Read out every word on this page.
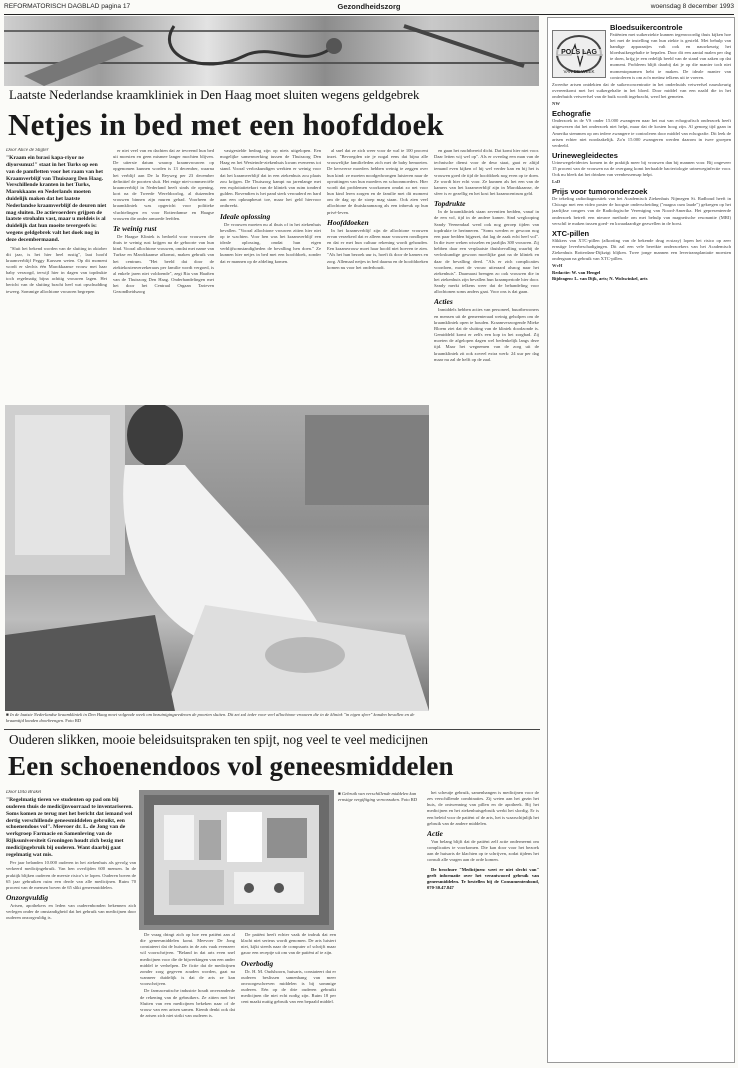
REFORMATORISCH DAGBLAD pagina 17	Gezondheidszorg	woensdag 8 december 1993
POLS LAG
VAN DE WEEK
Bloedsuikercontrole

Patiënten met suikerziekte kunnen tegenwoordig thuis kijken hoe het met de instelling van hun ziekte is gesteld. Met behulp van handige apparaatjes valt ook en nauwkeurig het bloedsuikergehalte te bepalen. Door dit een aantal malen per dag te doen, krijg je een redelijk beeld van de stand van zaken op dat moment. Probleem blijft daarbij dat je op die manier toch niet momentopnamen hebt te maken. De ideale manier van controleren is om zo'n meting telkens uit te voeren.

Zweedse artsen ontdekten dat de suikerconcentratie in het onderhuids vetweefsel nauwkeurig overeenkomt met het suikergehalte in het bloed. Door middel van een naald die in het onderhuids vetweefsel van de buik wordt ingebracht, werd het gemeten.

NW

Echografie

Onderzoek in de VS onder 15.000 zwangeren naar het nut van echografisch onderzoek heeft uitgewezen dat het onderzoek niet helpt, maar dat de kosten hoog zijn. Al genoeg tijd gaan in Amerika stemmen op om iedere zwangere te controleren door middel van echografie. Dit leek de artsen echter niet noodzakelijk. Zo'n 15.000 zwangeren werden daarom in twee groepen verdeeld.

Urinewegleidectes

Urinewegeleidectes komen in de praktijk meer bij vrouwen dan bij mannen voor. Bij ongeveer 15 procent van de vrouwen na de overgang komt herhaalde bacteriologie urineweginfectie voor. Ook nu bleek dat het drinken van veenbessensap helpt.

LsD

Prijs voor tumoronderzoek

De tekeling radiodiagnostiek van het Academisch Ziekenhuis Nijmegen St. Radboud heeft in Chicago met een video poster de hoogste onderscheiding ("magna cum laude") gekregen op het jaarlijkse congres van de Radiologische Vereniging van Noord-Amerika. Het gepresenteerde onderzoek betreft een nieuwe methode om met behulp van magnetische resonantie (MRI) verschil te maken tussen goed- en kwaadaardige gezwellen in de borst.

XTC-pillen

Slikkers van XTC-pillen (afkorting van de bekende drug ecstasy) lopen het risico op zeer ernstige leverbeschadigingen. Dit zal een vele bereikte onderzoekers van het Academisch Ziekenhuis Rotterdam-Dijkzigt blijken. Twee jonge mannen een levertransplantatie moesten ondergaan na gebruik van XTC-pillen.

WvH

Redactie: W. van Hengel
Bijdragen: L. van Dijk, arts; N. Wolswinkel, arts

Laatste Nederlandse kraamkliniek in Den Haag moet sluiten wegens geldgebrek
Netjes in bed met een hoofddoek

Door Alice de Stigter

"Kraam ein bırasi kapa-riyor ne diyorsunuz!" staat in het Turks op een van de pamfletten voor het raam van het Kraamverblijf van Thuiszorg Den Haag. Verschillende kranten in het Turks, Marokkaans en Nederlands moeten duidelijk maken dat het laatste Nederlandse kraamverblijf de deuren niet mag sluiten. De actievoerders grijpen de laatste strohalm vast, maar u meldeis is al duidelijk dat hun moeite tevergeefs is: wegens geldgebrek valt het doek nog in deze decembermaand.

"Sluit het bekend worden van de sluiting in oktober dit jaar, is het hier heel rustig", laat hoofd kraamverblijf Peggy Karssen weten. Op dit moment wordt er slechts één Marokkaanse vrouw met haar baby verzorgd, terwijl hier in dagen van topdrukte toch regelmatig bijna achttig vrouwen lagen. Het bericht van de sluiting bracht heel wat opschudding teweeg. Sommige allochtone vrouwen begrepen

er niet veel van en dachten dat ze tevreend hun bed uit moesten en geen mismee langer mochten blijven. De uiterste datum waarop kraamvrouwen op opgenomen kunnen worden is 13 december, waarna het verblijf aan De la Reyweg per 23 december definitief de poorten sluit. Het enige niet-commerciële kraamverblijf in Nederland heeft sinds de opening, kort na de Tweede Wereldoorlog, al duizenden vrouwen binnen zijn muren gehad. Voorheen de kraamkliniek was opgericht voor politieke vluchtelingen en voor Rotterdamse en Haagse vrouwen die onder armoede leefden.

Te weinig rust

De Haagse Kliniek is bedoeld voor vrouwen die thuis te weinig rust krijgen na de geboorte van hun kind. Vooral allochtone vrouwen, omdat met name van Turkse en Marokkaanse afkomst, maken gebruik van het centrum. "Het beeld dat door de ziektekostenverzekeraars per familie wordt vergoed, is al enkele jaren niet voldoende", zegt Ria van Haaften van de Thuiszorg Den Haag. Onderhandelingen met het door het Centraal Orgaan Tarieven Gezondheidszorg

vastgestelde bedrag zijn op niets uitgelopen. Een mogelijke samenwerking tussen de Thuiszorg Den Haag en het Westeinde-ziekenhuis kwam eveneens tot stand. Vooral verloskundigen werkten er weinig voor dat het kraamverblijf dat in een ziekenhuis zou plaats zou krijgen. De Thuiszorg kampt na jarenlange met een exploitatietekort van de kliniek van ruim tonderd gulden. Bovendien is het pand sterk verouderd en hard aan een opknapbeurt toe, maar het geld hiervoor ontbreekt.

Ideale oplossing

De vrouwen moeten nu al thuis of in het ziekenhuis bevallen. "Vooral allochtone vrouwen zitten hier niet op te wachten. Voor hen was het kraamverblijf een ideale oplossing, omdat hun eigen verblijfsomstandigheden de bevalling hen doen." Ze kunnen hier netjes in bed met een hoofddoek, zonder dat er mannen op de afdeling komen.

al snel dat ze zich weer voor de wal te 100 procent inzet. "Bevoegden zie je nogal eens dat bijna alle vrouwelijke familieleden zich met de baby bemoeien. De kersverse moeders hebben weinig te zeggen over hun kind: ze moeten noodgedwongen luisteren naar de opvattingen van hun moeders en schoonmoeders. Hier wordt dat problemen voorkomen omdat zo net voor hun kind leren zorgen en de familie met dit moment om de dag op de stoep mag staan. Ook zien veel allochtone de thuiskraamzorg als een inbreuk op hun privé-leven.

Hoofddoeken

In het kraamverblijf zijn de allochtone vrouwen ervan verzekerd dat er alleen maar vrouwen rondlopen en dat er met hun cultuur rekening wordt gehouden. Een kraamvrouw moet haar hoofd niet hoeven te zien. "Als het hun bezoek uur is, hoeft ik door de kamers en zorg. Allemaal netjes in bed daarna en de hoofddoeken komen nu voor het onderhoudt.

en gaan het nachtbereid dicht. Dat komt hier niet voor. Daar letten wij wel op". Als er overdag een man van de technische dienst voor de deur staat, gaat er altijd iemand even kijken of hij wel verder kan en bij het is vrouwen goed de tijd de hoofddoek nog even op te doen. Ze wordt hier echt voor. Ze kunnen als het een van de kamers van het kraamverblijf zijn in Marokkaanse, de sfeer is er gezellig en het kost het kraamcentrum geld.

Topdrukte

In de kraamkliniek staan zeventien bedden, vanaf in de een vol, tijd in de andere kamer. Sind weglooping Sandy Veenendaal werd ook nog geroep tijden van topdrukte te herinneren. "Soms werden er gewoon nog een paar bedden bijgezet, dat lag de zaak echt heel vol". In die twee weken wisselen en jaarlijks 300 vrouwen. Zij hebben daar een verplaatste thuisbevalling waarbij de verloskundige gewoon moeilijke gaat na de kliniek en daar de bevalling deed. "Als er zich complicaties voordoen, moet de vrouw uiteraard alsnog naar het ziekenhuis". Daarnaast brengen zo ook vrouwen die in het ziekenhuis zijn bevallen hun kraamperiode hier door. Sandy merkt telkens weer dat de behandeling voor allochtonen soms anders gaat. Voor ons is dat gaan.

Acties

Inmiddels hebben acties van personeel, buurtbewoners en mensen uit de gemeenteraad weinig geholpen om de kraamkliniek open te houden. Kraamverzorgende Mieke Bloem ziet dat de sluiting van de kliniek doodzonde is. Gemiddeld komt er zelfs een kop in het zorgbad. Zij moeten de afgelopen dagen wel bedenkelijk langs deze tijd. Maar het wegnemen van de zorg uit de kraamkliniek zit ook zoveel extra werk: 24 uur per dag maar nu zal de helft op de zaal.

■ In de laatste Nederlandse kraamkliniek in Den Haag moet volgende week om bezuinigingsredenen de poorten sluiten. Dit zet zal ieder voor veel allochtone vrouwen die in de kliniek "in eigen sfeer" konden bevallen en de kraamtijd konden doorbrengen. Foto RD
Ouderen slikken, mooie beleidsuitspraken ten spijt, nog veel te veel medicijnen
Een schoenendoos vol geneesmiddelen

Door Dita Brakel

"Regelmatig tieren we studenten op pad om bij ouderen thuis de medicijnvoorraad te inventariseren. Soms komen ze terug met het bericht dat iemand wel dertig verschillende geneesmiddelen gebruikt, een schoenendoos vol". Meevoer dr. L. de Jong van de werkgroep Farmacie en Samenleving van de Rijksuniversiteit Groningen houdt zich bezig met medicijngebruik bij ouderen. Want daarbij gaat regelmatig wat mis.

Per jaar belanden 10.000 ouderen in het ziekenhuis als gevolg van verkeerd medicijngebruik. Van hen overlijden 600 mensen. In de praktijk blijken ouderen de meeste risico's te lopen. Ouderen boven de 65 jaar gebruiken ruim een derde van alle medicijnen. Ruim 70 procent van de mensen boven de 65 slikt geneesmiddelen.

Onzorgvuldig

Artsen, apothekers en leden van ouderenbonden bekennen zich verlegen onder de omstandigheid dat het gebruik van medicijnen door ouderen onzorgvuldig is.

■ Gebruik van verschillende middelen kan ernstige vergiftiging veroorzaken. Foto RD

De vraag dringt zich op hoe een patiënt aan al die geneesmiddelen komt. Meevoer De Jong constateert dat de huisarts in de arts vaak evenzeer wil voorschrijven. "Beland in dat arts even snel medicijnen voor die de bijwerkingen van een ander middel te verhelpen. De fictie dat de medicijnen zonder zorg gegeven zouden worden, gaat na wanneer duidelijk is dat de arts ze kan voorschrijven.

De farmaceutische industrie houdt onveranderde de rekening van de gebruikers. Ze zitten met het Sluiten van een medicijnen bekeken naar of de vrouw van een artsen samen. Kiemb denkt ook dat de artsen zich niet strikt van ouderen is.

De patiënt heeft echter vaak de indruk dat een klacht niet serieus wordt genomen. De arts luistert niet, kijkt steeds naar de computer of schrijft maar gauw een receptje uit om van de patiënt af te zijn.

Overbodig

Dr. H. M. Oudshoorn, huisarts, constateert dat er ouderen beslissen samenhang van meer onvoorgeschreven middelen is bij sommige ouderen. Eén op de drie ouderen gebruikt medicijnen die niet echt nodig zijn. Ruim 18 per cent maakt nuttig gebruik van een bepaald middel.

het scheutje gebruik, samenhangen is medicijnen voor de zes verschillende combinaties. Zij weten aan het gezin het huis, de ontwenning van pillen en de apotheek. Bij het medicijnen en het ziekenhuisgebruik werkt het slordig. Er is een beleid voor de patiënt of de arts, het is waarschijnlijk het gebruik van de andere middelen.

Actie

Van belang blijft dat de patiënt zelf actie onderneemt om complicaties te voorkomen. Die kan door voor het bezoek aan de huisarts de klachten op te schrijven, zodat tijdens het consult alle vragen aan de orde komen.

De brochure "Medicijnen: weet er niet slecht van" geeft informatie over het verantwoord gebruik van geneesmiddelen. Te bestellen bij de Consumentenbond, 070-30.47.847
